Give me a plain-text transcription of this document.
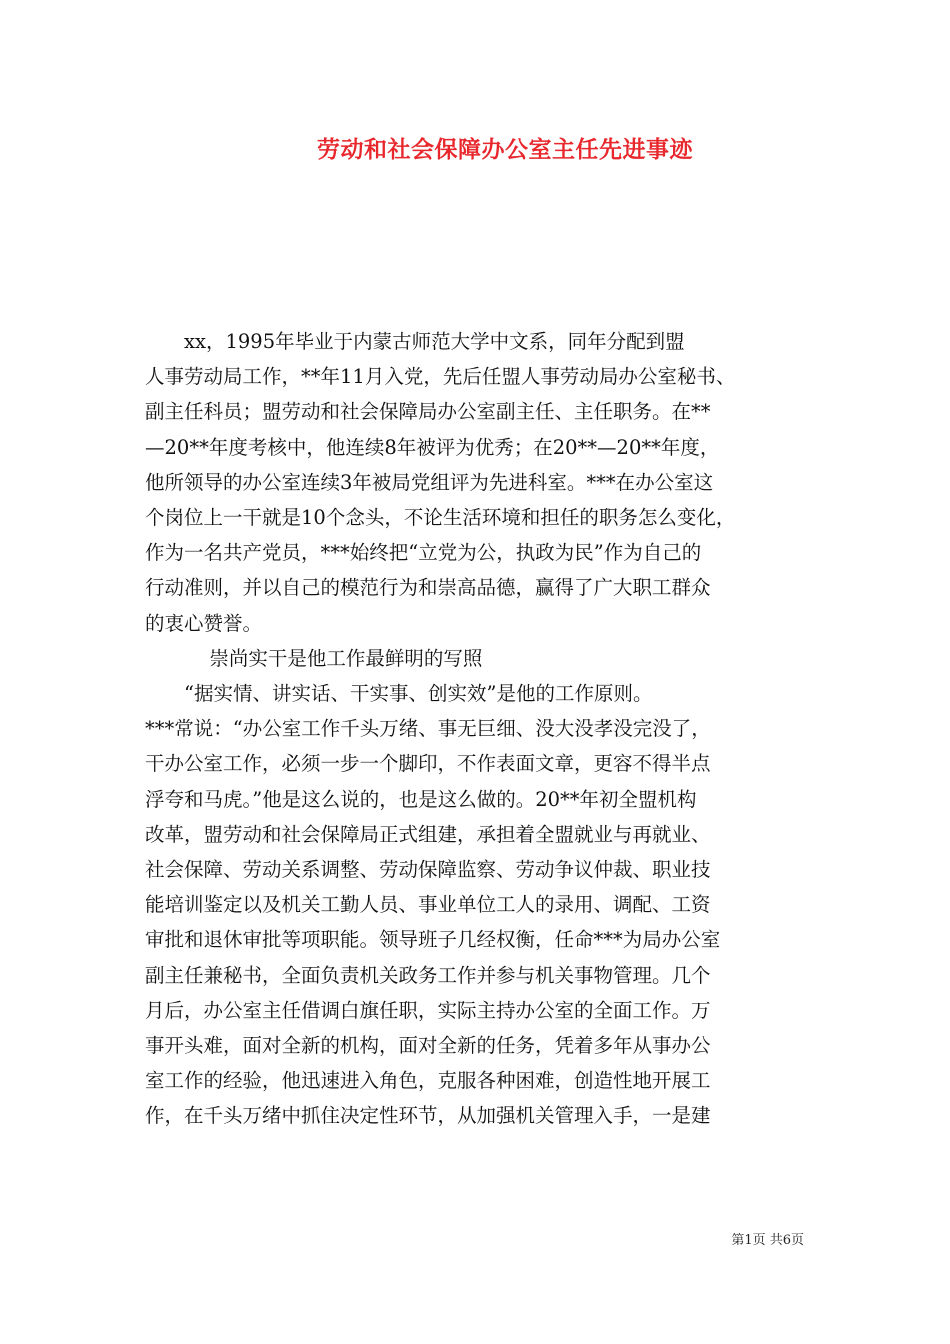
劳动和社会保障办公室主任先进事迹

xx，1995年毕业于内蒙古师范大学中文系，同年分配到盟
人事劳动局工作，**年11月入党，先后任盟人事劳动局办公室秘书、
副主任科员；盟劳动和社会保障局办公室副主任、主任职务。在**
—20**年度考核中，他连续8年被评为优秀；在20**—20**年度，
他所领导的办公室连续3年被局党组评为先进科室。***在办公室这
个岗位上一干就是10个念头，不论生活环境和担任的职务怎么变化，
作为一名共产党员，***始终把“立党为公，执政为民”作为自己的
行动准则，并以自己的模范行为和崇高品德，赢得了广大职工群众
的衷心赞誉。

崇尚实干是他工作最鲜明的写照

“据实情、讲实话、干实事、创实效”是他的工作原则。
***常说：“办公室工作千头万绪、事无巨细、没大没孝没完没了，
干办公室工作，必须一步一个脚印，不作表面文章，更容不得半点
浮夸和马虎。”他是这么说的，也是这么做的。20**年初全盟机构
改革，盟劳动和社会保障局正式组建，承担着全盟就业与再就业、
社会保障、劳动关系调整、劳动保障监察、劳动争议仲裁、职业技
能培训鉴定以及机关工勤人员、事业单位工人的录用、调配、工资
审批和退休审批等项职能。领导班子几经权衡，任命***为局办公室
副主任兼秘书，全面负责机关政务工作并参与机关事物管理。几个
月后，办公室主任借调白旗任职，实际主持办公室的全面工作。万
事开头难，面对全新的机构，面对全新的任务，凭着多年从事办公
室工作的经验，他迅速进入角色，克服各种困难，创造性地开展工
作，在千头万绪中抓住决定性环节，从加强机关管理入手，一是建

第1页 共6页
